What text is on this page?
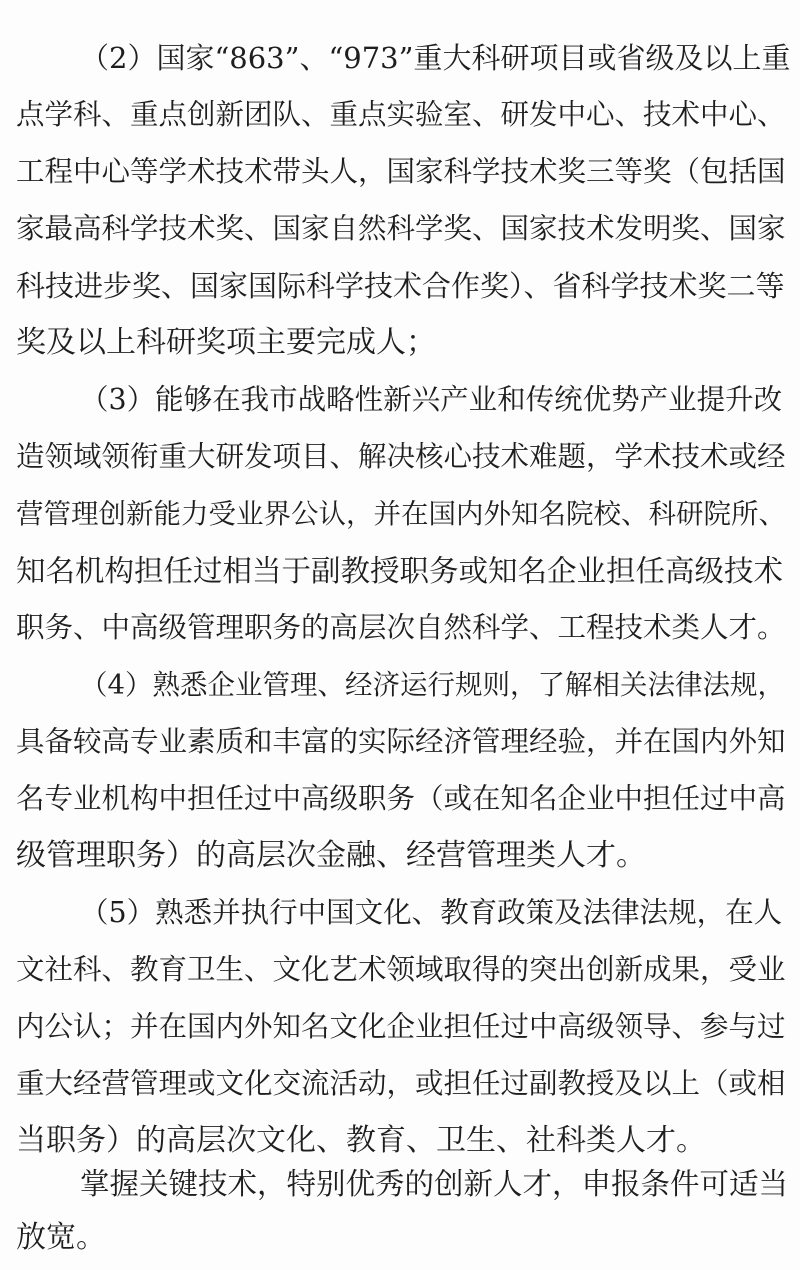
（2）国家“863”、“973”重大科研项目或省级及以上重
点学科、重点创新团队、重点实验室、研发中心、技术中心、
工程中心等学术技术带头人，国家科学技术奖三等奖（包括国
家最高科学技术奖、国家自然科学奖、国家技术发明奖、国家
科技进步奖、国家国际科学技术合作奖）、省科学技术奖二等
奖及以上科研奖项主要完成人；
（3）能够在我市战略性新兴产业和传统优势产业提升改
造领域领衔重大研发项目、解决核心技术难题，学术技术或经
营管理创新能力受业界公认，并在国内外知名院校、科研院所、
知名机构担任过相当于副教授职务或知名企业担任高级技术
职务、中高级管理职务的高层次自然科学、工程技术类人才。
（4）熟悉企业管理、经济运行规则，了解相关法律法规，
具备较高专业素质和丰富的实际经济管理经验，并在国内外知
名专业机构中担任过中高级职务（或在知名企业中担任过中高
级管理职务）的高层次金融、经营管理类人才。
（5）熟悉并执行中国文化、教育政策及法律法规，在人
文社科、教育卫生、文化艺术领域取得的突出创新成果，受业
内公认；并在国内外知名文化企业担任过中高级领导、参与过
重大经营管理或文化交流活动，或担任过副教授及以上（或相
当职务）的高层次文化、教育、卫生、社科类人才。
掌握关键技术，特别优秀的创新人才，申报条件可适当
放宽。
